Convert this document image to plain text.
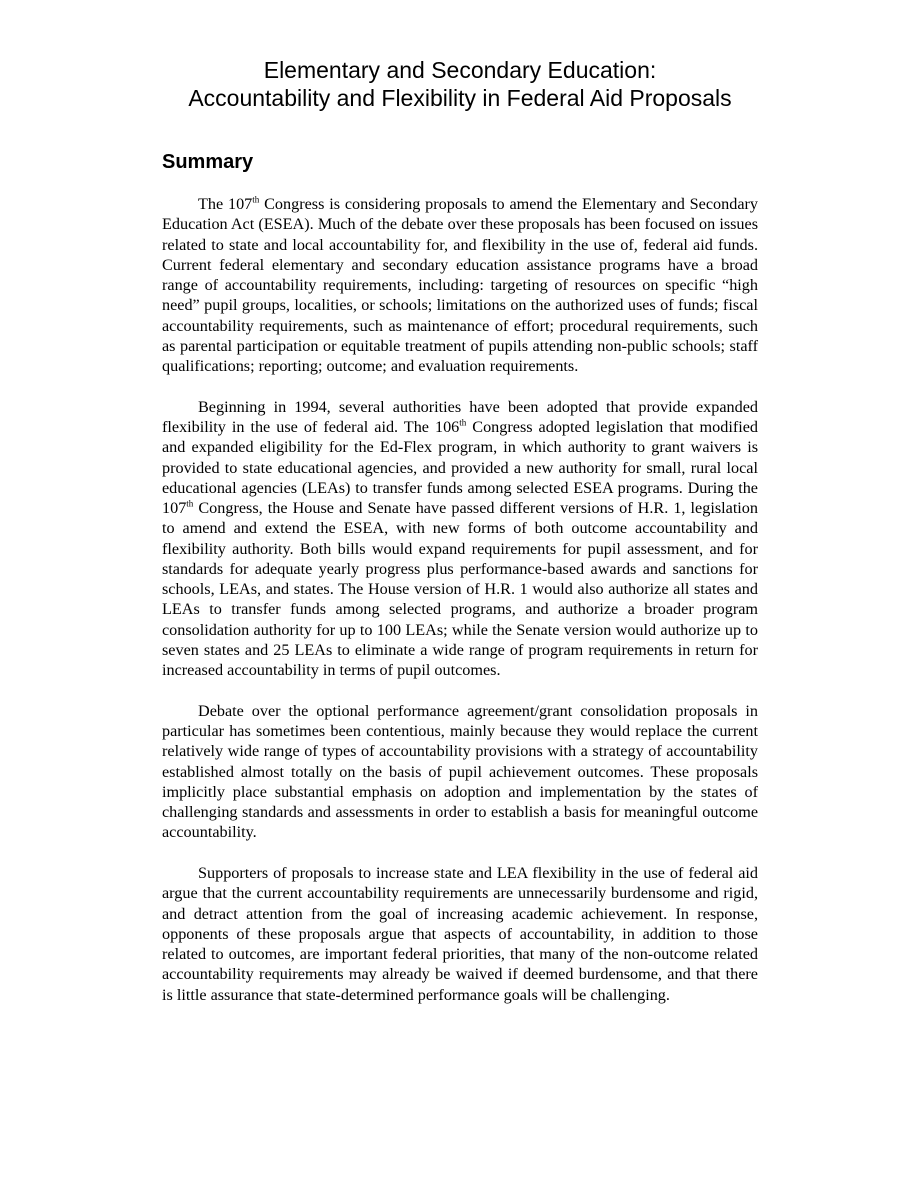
Elementary and Secondary Education:
Accountability and Flexibility in Federal Aid Proposals
Summary

The 107th Congress is considering proposals to amend the Elementary and Secondary Education Act (ESEA). Much of the debate over these proposals has been focused on issues related to state and local accountability for, and flexibility in the use of, federal aid funds. Current federal elementary and secondary education assistance programs have a broad range of accountability requirements, including: targeting of resources on specific “high need” pupil groups, localities, or schools; limitations on the authorized uses of funds; fiscal accountability requirements, such as maintenance of effort; procedural requirements, such as parental participation or equitable treatment of pupils attending non-public schools; staff qualifications; reporting; outcome; and evaluation requirements.

Beginning in 1994, several authorities have been adopted that provide expanded flexibility in the use of federal aid. The 106th Congress adopted legislation that modified and expanded eligibility for the Ed-Flex program, in which authority to grant waivers is provided to state educational agencies, and provided a new authority for small, rural local educational agencies (LEAs) to transfer funds among selected ESEA programs. During the 107th Congress, the House and Senate have passed different versions of H.R. 1, legislation to amend and extend the ESEA, with new forms of both outcome accountability and flexibility authority. Both bills would expand requirements for pupil assessment, and for standards for adequate yearly progress plus performance-based awards and sanctions for schools, LEAs, and states. The House version of H.R. 1 would also authorize all states and LEAs to transfer funds among selected programs, and authorize a broader program consolidation authority for up to 100 LEAs; while the Senate version would authorize up to seven states and 25 LEAs to eliminate a wide range of program requirements in return for increased accountability in terms of pupil outcomes.

Debate over the optional performance agreement/grant consolidation proposals in particular has sometimes been contentious, mainly because they would replace the current relatively wide range of types of accountability provisions with a strategy of accountability established almost totally on the basis of pupil achievement outcomes. These proposals implicitly place substantial emphasis on adoption and implementation by the states of challenging standards and assessments in order to establish a basis for meaningful outcome accountability.

Supporters of proposals to increase state and LEA flexibility in the use of federal aid argue that the current accountability requirements are unnecessarily burdensome and rigid, and detract attention from the goal of increasing academic achievement. In response, opponents of these proposals argue that aspects of accountability, in addition to those related to outcomes, are important federal priorities, that many of the non-outcome related accountability requirements may already be waived if deemed burdensome, and that there is little assurance that state-determined performance goals will be challenging.
